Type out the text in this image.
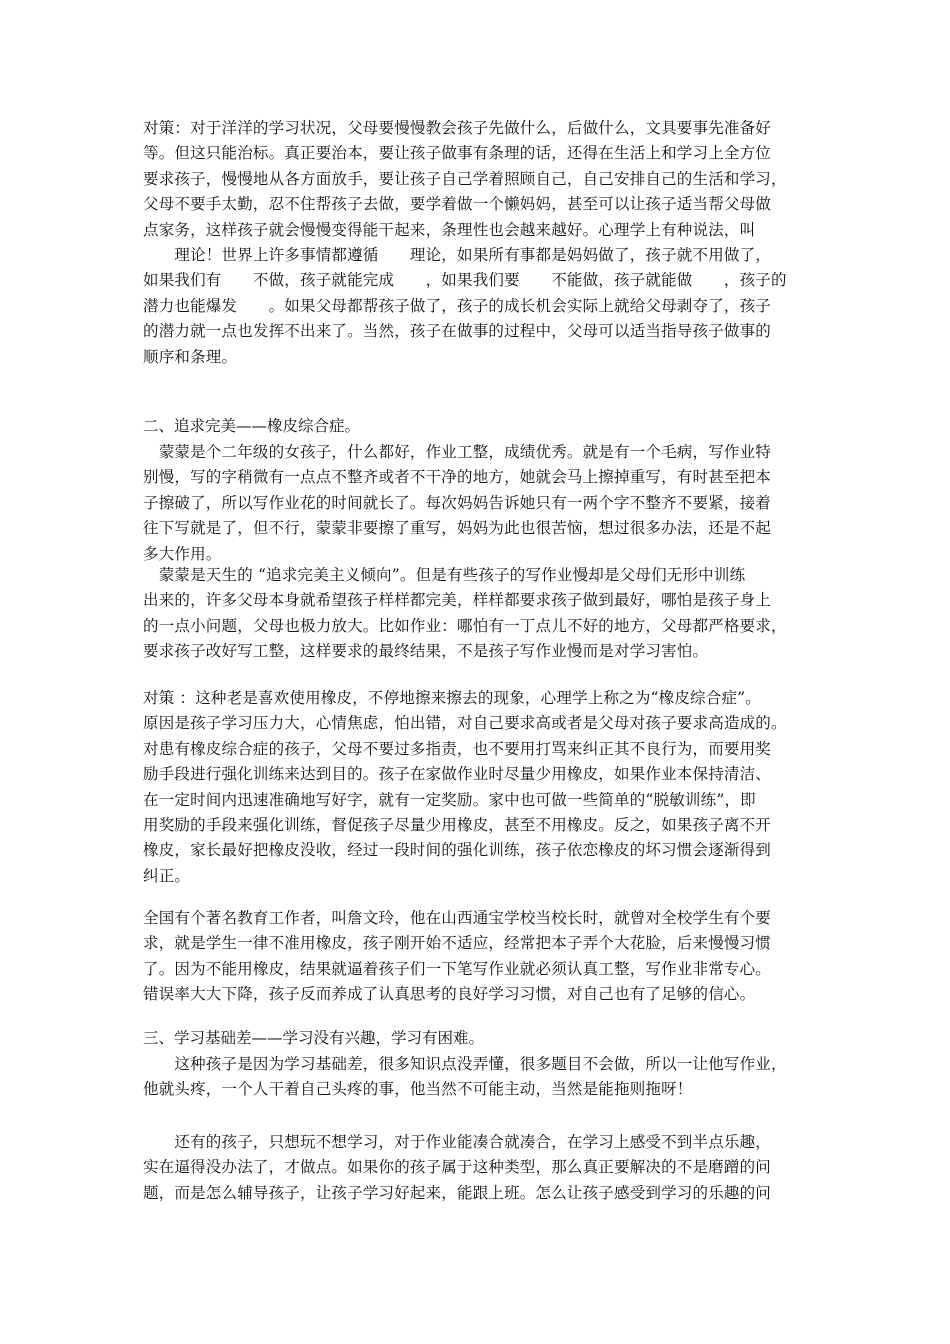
对策：对于洋洋的学习状况，父母要慢慢教会孩子先做什么，后做什么，文具要事先准备好
等。但这只能治标。真正要治本，要让孩子做事有条理的话，还得在生活上和学习上全方位
要求孩子，慢慢地从各方面放手，要让孩子自己学着照顾自己，自己安排自己的生活和学习，
父母不要手太勤，忍不住帮孩子去做，要学着做一个懒妈妈，甚至可以让孩子适当帮父母做
点家务，这样孩子就会慢慢变得能干起来，条理性也会越来越好。心理学上有种说法，叫
　　理论！世界上许多事情都遵循　　理论，如果所有事都是妈妈做了，孩子就不用做了，
如果我们有　　不做，孩子就能完成　　，如果我们要　　不能做，孩子就能做　　，孩子的
潜力也能爆发　　。如果父母都帮孩子做了，孩子的成长机会实际上就给父母剥夺了，孩子
的潜力就一点也发挥不出来了。当然，孩子在做事的过程中，父母可以适当指导孩子做事的
顺序和条理。
二、追求完美——橡皮综合症。
　蒙蒙是个二年级的女孩子，什么都好，作业工整，成绩优秀。就是有一个毛病，写作业特
别慢，写的字稍微有一点点不整齐或者不干净的地方，她就会马上擦掉重写，有时甚至把本
子擦破了，所以写作业花的时间就长了。每次妈妈告诉她只有一两个字不整齐不要紧，接着
往下写就是了，但不行，蒙蒙非要擦了重写，妈妈为此也很苦恼，想过很多办法，还是不起
多大作用。
　蒙蒙是天生的 “追求完美主义倾向”。但是有些孩子的写作业慢却是父母们无形中训练
出来的，许多父母本身就希望孩子样样都完美，样样都要求孩子做到最好，哪怕是孩子身上
的一点小问题，父母也极力放大。比如作业：哪怕有一丁点儿不好的地方，父母都严格要求，
要求孩子改好写工整，这样要求的最终结果，不是孩子写作业慢而是对学习害怕。
对策 ：这种老是喜欢使用橡皮，不停地擦来擦去的现象，心理学上称之为“橡皮综合症”。
原因是孩子学习压力大，心情焦虑，怕出错，对自己要求高或者是父母对孩子要求高造成的。
对患有橡皮综合症的孩子，父母不要过多指责，也不要用打骂来纠正其不良行为，而要用奖
励手段进行强化训练来达到目的。孩子在家做作业时尽量少用橡皮，如果作业本保持清洁、
在一定时间内迅速准确地写好字，就有一定奖励。家中也可做一些简单的“脱敏训练”，即
用奖励的手段来强化训练，督促孩子尽量少用橡皮，甚至不用橡皮。反之，如果孩子离不开
橡皮，家长最好把橡皮没收，经过一段时间的强化训练，孩子依恋橡皮的坏习惯会逐渐得到
纠正。
全国有个著名教育工作者，叫詹文玲，他在山西通宝学校当校长时，就曾对全校学生有个要
求，就是学生一律不准用橡皮，孩子刚开始不适应，经常把本子弄个大花脸，后来慢慢习惯
了。因为不能用橡皮，结果就逼着孩子们一下笔写作业就必须认真工整，写作业非常专心。
错误率大大下降，孩子反而养成了认真思考的良好学习习惯，对自己也有了足够的信心。
三、学习基础差——学习没有兴趣，学习有困难。
　　这种孩子是因为学习基础差，很多知识点没弄懂，很多题目不会做，所以一让他写作业，
他就头疼，一个人干着自己头疼的事，他当然不可能主动，当然是能拖则拖呀！
　　还有的孩子，只想玩不想学习，对于作业能凑合就凑合，在学习上感受不到半点乐趣，
实在逼得没办法了，才做点。如果你的孩子属于这种类型，那么真正要解决的不是磨蹭的问
题，而是怎么辅导孩子，让孩子学习好起来，能跟上班。怎么让孩子感受到学习的乐趣的问
